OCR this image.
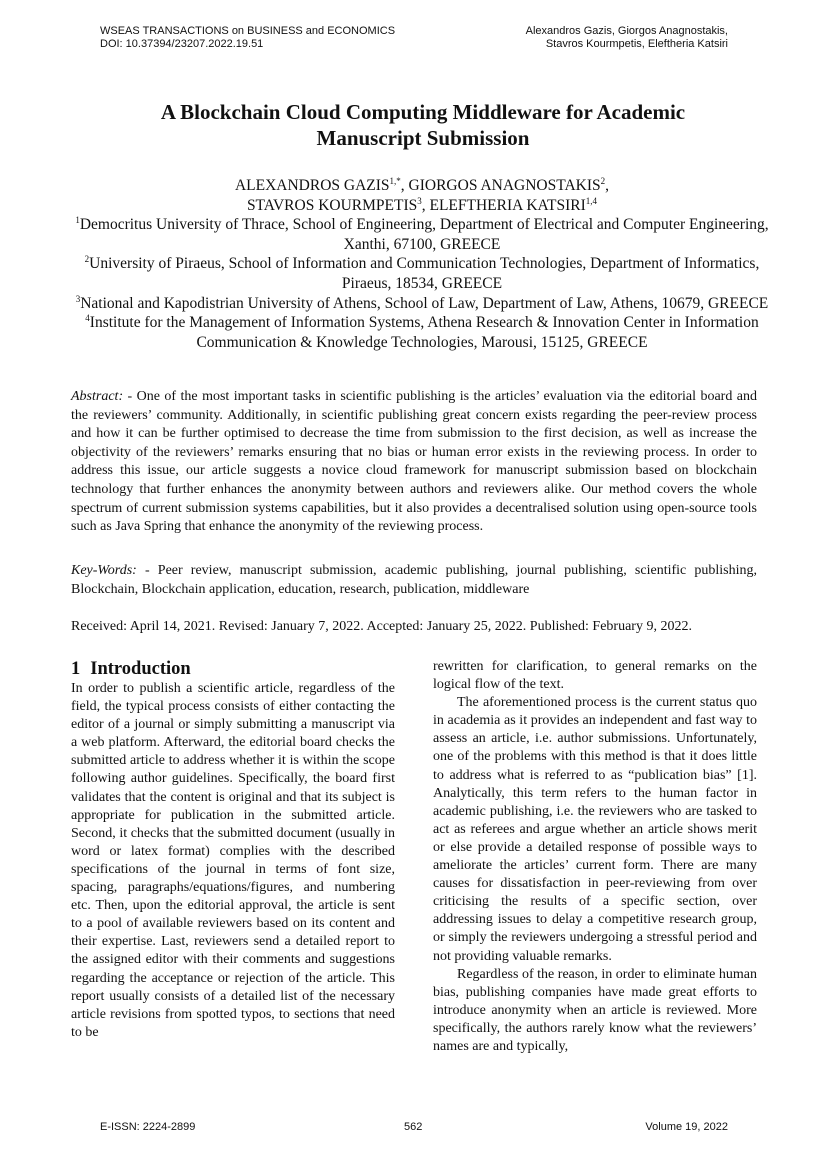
WSEAS TRANSACTIONS on BUSINESS and ECONOMICS
DOI: 10.37394/23207.2022.19.51
Alexandros Gazis, Giorgos Anagnostakis,
Stavros Kourmpetis, Eleftheria Katsiri
A Blockchain Cloud Computing Middleware for Academic
Manuscript Submission
ALEXANDROS $GAZIS^{1,*}$, GIORGOS ANAGNOSTAKIS$^2$,
STAVROS KOURMPETIS$^3$, ELEFTHERIA KATSIRI$^{1,4}$
$^1$Democritus University of Thrace, School of Engineering, Department of Electrical and Computer Engineering, Xanthi, 67100, GREECE
$^2$University of Piraeus, School of Information and Communication Technologies, Department of Informatics, Piraeus, 18534, GREECE
$^3$National and Kapodistrian University of Athens, School of Law, Department of Law, Athens, 10679, GREECE
$^4$Institute for the Management of Information Systems, Athena Research & Innovation Center in Information Communication & Knowledge Technologies, Marousi, 15125, GREECE
Abstract: - One of the most important tasks in scientific publishing is the articles’ evaluation via the editorial board and the reviewers’ community. Additionally, in scientific publishing great concern exists regarding the peer-review process and how it can be further optimised to decrease the time from submission to the first decision, as well as increase the objectivity of the reviewers’ remarks ensuring that no bias or human error exists in the reviewing process. In order to address this issue, our article suggests a novice cloud framework for manuscript submission based on blockchain technology that further enhances the anonymity between authors and reviewers alike. Our method covers the whole spectrum of current submission systems capabilities, but it also provides a decentralised solution using open-source tools such as Java Spring that enhance the anonymity of the reviewing process.
Key-Words: - Peer review, manuscript submission, academic publishing, journal publishing, scientific publishing, Blockchain, Blockchain application, education, research, publication, middleware
Received: April 14, 2021. Revised: January 7, 2022. Accepted: January 25, 2022. Published: February 9, 2022.
1 Introduction

In order to publish a scientific article, regardless of the field, the typical process consists of either contacting the editor of a journal or simply submitting a manuscript via a web platform. Afterward, the editorial board checks the submitted article to address whether it is within the scope following author guidelines. Specifically, the board first validates that the content is original and that its subject is appropriate for publication in the submitted article. Second, it checks that the submitted document (usually in word or latex format) complies with the described specifications of the journal in terms of font size, spacing, paragraphs/equations/figures, and numbering etc. Then, upon the editorial approval, the article is sent to a pool of available reviewers based on its content and their expertise. Last, reviewers send a detailed report to the assigned editor with their comments and suggestions regarding the acceptance or rejection of the article. This report usually consists of a detailed list of the necessary article revisions from spotted typos, to sections that need to be

rewritten for clarification, to general remarks on the logical flow of the text.

The aforementioned process is the current status quo in academia as it provides an independent and fast way to assess an article, i.e. author submissions. Unfortunately, one of the problems with this method is that it does little to address what is referred to as “publication bias” [1]. Analytically, this term refers to the human factor in academic publishing, i.e. the reviewers who are tasked to act as referees and argue whether an article shows merit or else provide a detailed response of possible ways to ameliorate the articles’ current form. There are many causes for dissatisfaction in peer-reviewing from over criticising the results of a specific section, over addressing issues to delay a competitive research group, or simply the reviewers undergoing a stressful period and not providing valuable remarks.

Regardless of the reason, in order to eliminate human bias, publishing companies have made great efforts to introduce anonymity when an article is reviewed. More specifically, the authors rarely know what the reviewers’ names are and typically,

E-ISSN: 2224-2899	562	Volume 19, 2022
